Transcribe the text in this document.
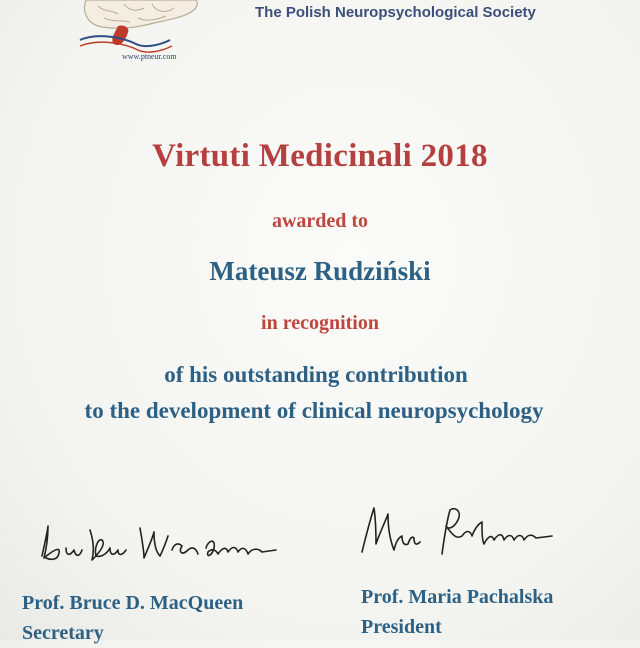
www.ptneur.com
The Polish Neuropsychological Society
Virtuti Medicinali 2018
awarded to
Mateusz Rudziński
in recognition
of his outstanding contribution
to the development of clinical neuropsychology
Prof. Bruce D. MacQueen
Secretary
Prof. Maria Pachalska
President
